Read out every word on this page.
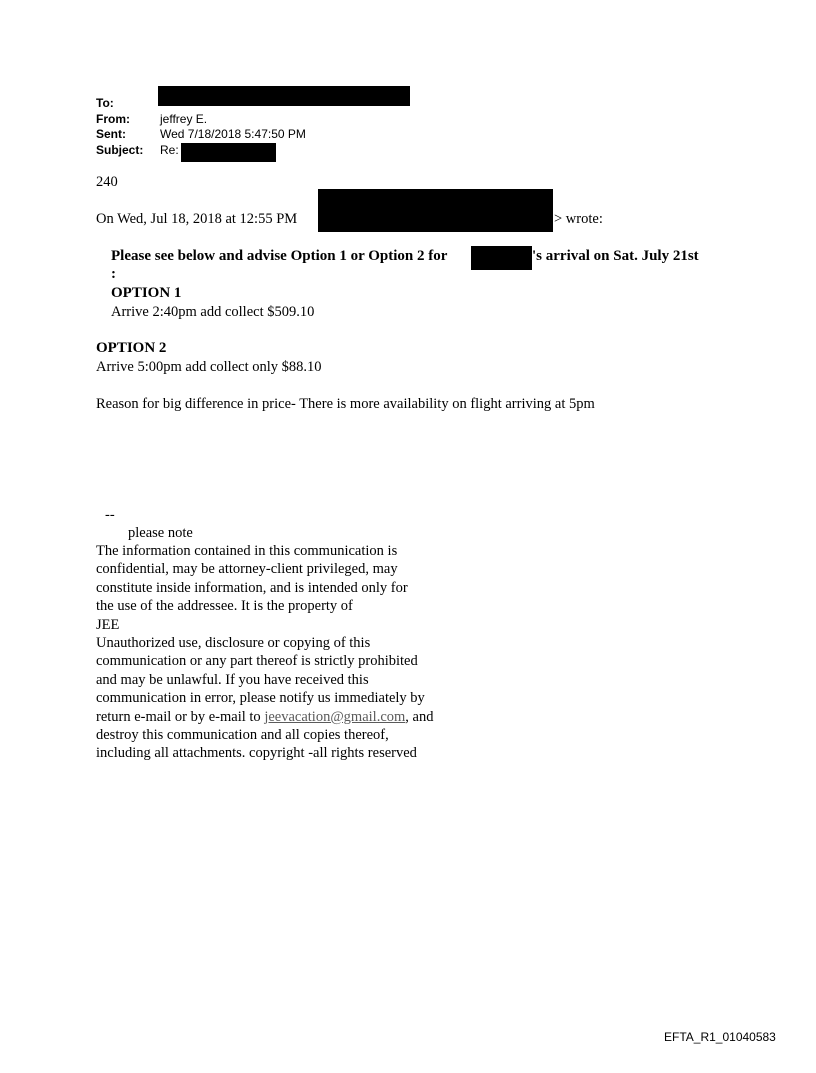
To:
From:	jeffrey E.
Sent:	Wed 7/18/2018 5:47:50 PM
Subject: Re:
240
On Wed, Jul 18, 2018 at 12:55 PM	> wrote:
Please see below and advise Option 1 or Option 2 for	's arrival on Sat. July 21st
:
OPTION 1
Arrive 2:40pm add collect $509.10
OPTION 2
Arrive 5:00pm add collect only $88.10
Reason for big difference in price- There is more availability on flight arriving at 5pm
--
please note
The information contained in this communication is
confidential, may be attorney-client privileged, may
constitute inside information, and is intended only for
the use of the addressee. It is the property of
JEE
Unauthorized use, disclosure or copying of this
communication or any part thereof is strictly prohibited
and may be unlawful. If you have received this
communication in error, please notify us immediately by
return e-mail or by e-mail to jeevacation@gmail.com, and
destroy this communication and all copies thereof,
including all attachments. copyright -all rights reserved
EFTA_R1_01040583
